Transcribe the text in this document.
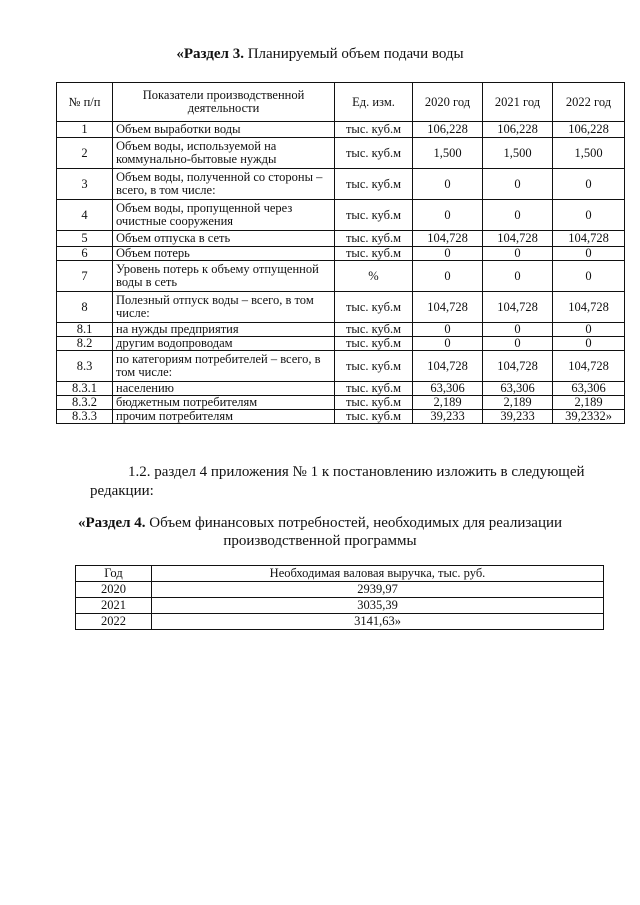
«Раздел 3. Планируемый объем подачи воды
№ п/п	Показатели производственной деятельности	Ед. изм.	2020 год	2021 год	2022 год
1	Объем выработки воды	тыс. куб.м	106,228	106,228	106,228
2	Объем воды, используемой на коммунально-бытовые нужды	тыс. куб.м	1,500	1,500	1,500
3	Объем воды, полученной со стороны – всего, в том числе:	тыс. куб.м	0	0	0
4	Объем воды, пропущенной через очистные сооружения	тыс. куб.м	0	0	0
5	Объем отпуска в сеть	тыс. куб.м	104,728	104,728	104,728
6	Объем потерь	тыс. куб.м	0	0	0
7	Уровень потерь к объему отпущенной воды в сеть	%	0	0	0
8	Полезный отпуск воды – всего, в том числе:	тыс. куб.м	104,728	104,728	104,728
8.1	на нужды предприятия	тыс. куб.м	0	0	0
8.2	другим водопроводам	тыс. куб.м	0	0	0
8.3	по категориям потребителей – всего, в том числе:	тыс. куб.м	104,728	104,728	104,728
8.3.1	населению	тыс. куб.м	63,306	63,306	63,306
8.3.2	бюджетным потребителям	тыс. куб.м	2,189	2,189	2,189
8.3.3	прочим потребителям	тыс. куб.м	39,233	39,233	39,2332»
1.2. раздел 4 приложения № 1 к постановлению изложить в следующей
редакции:
«Раздел 4. Объем финансовых потребностей, необходимых для реализации
производственной программы
Год	Необходимая валовая выручка, тыс. руб.
2020	2939,97
2021	3035,39
2022	3141,63»
